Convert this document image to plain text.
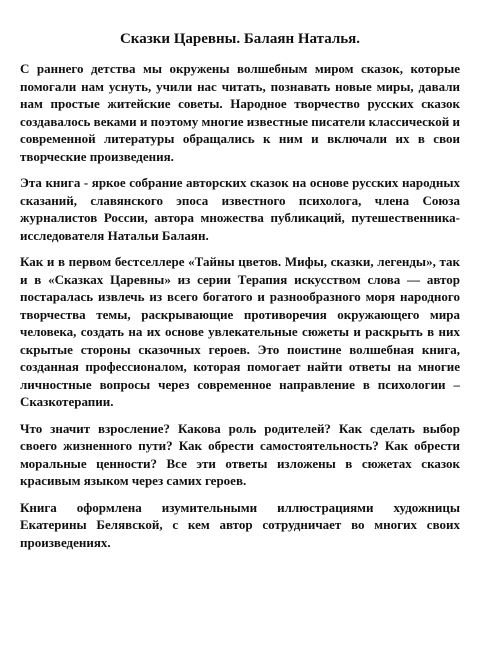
Сказки Царевны. Балаян Наталья.

С раннего детства мы окружены волшебным миром сказок, которые помогали нам уснуть, учили нас читать, познавать новые миры, давали нам простые житейские советы. Народное творчество русских сказок создавалось веками и поэтому многие известные писатели классической и современной литературы обращались к ним и включали их в свои творческие произведения.

Эта книга - яркое собрание авторских сказок на основе русских народных сказаний, славянского эпоса известного психолога, члена Союза журналистов России, автора множества публикаций, путешественника-исследователя Натальи Балаян.

Как и в первом бестселлере «Тайны цветов. Мифы, сказки, легенды», так и в «Сказках Царевны» из серии Терапия искусством слова — автор постаралась извлечь из всего богатого и разнообразного моря народного творчества темы, раскрывающие противоречия окружающего мира человека, создать на их основе увлекательные сюжеты и раскрыть в них скрытые стороны сказочных героев. Это поистине волшебная книга, созданная профессионалом, которая помогает найти ответы на многие личностные вопросы через современное направление в психологии – Сказкотерапии.

Что значит взросление? Какова роль родителей? Как сделать выбор своего жизненного пути? Как обрести самостоятельность? Как обрести моральные ценности? Все эти ответы изложены в сюжетах сказок красивым языком через самих героев.

Книга оформлена изумительными иллюстрациями художницы Екатерины Белявской, с кем автор сотрудничает во многих своих произведениях.
